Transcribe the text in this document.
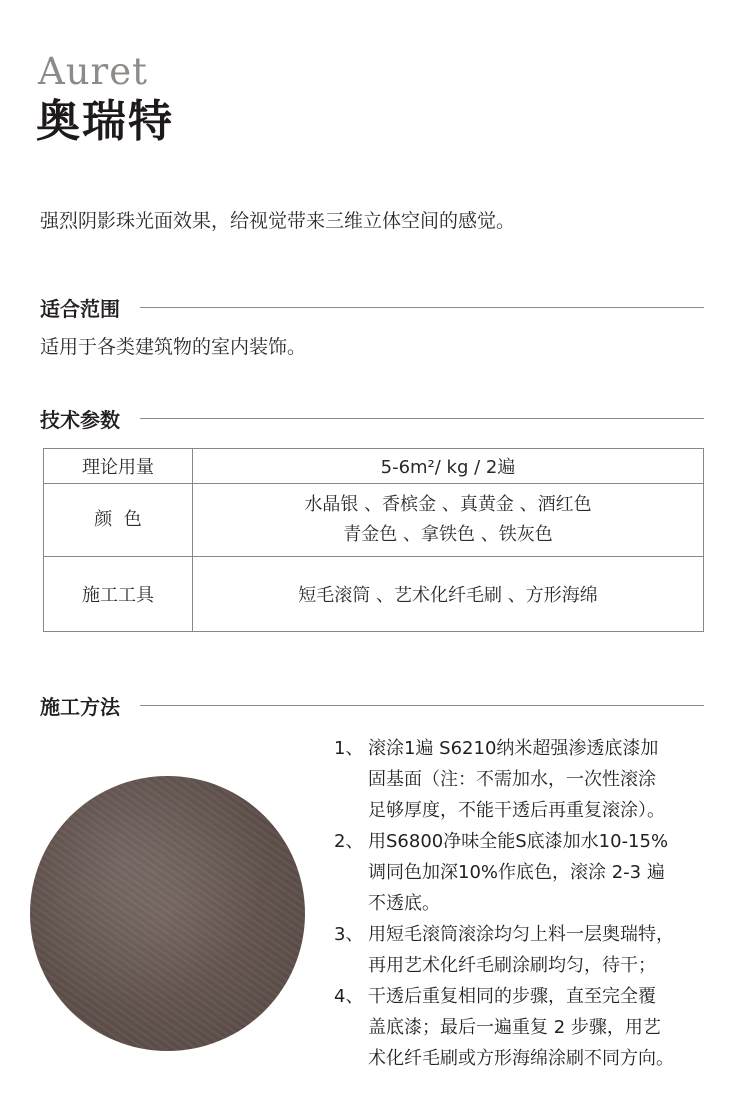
Auret
奥瑞特
强烈阴影珠光面效果，给视觉带来三维立体空间的感觉。
适合范围
适用于各类建筑物的室内装饰。
技术参数
理论用量	5-6m²/ kg / 2遍
颜  色	水晶银 、香槟金 、真黄金 、酒红色
青金色 、拿铁色 、铁灰色

施工工具	短毛滚筒 、艺术化纤毛刷 、方形海绵
施工方法
1、 滚涂1遍 S6210纳米超强渗透底漆加
固基面（注：不需加水，一次性滚涂
足够厚度，不能干透后再重复滚涂）。
2、 用S6800净味全能S底漆加水10-15%
调同色加深10%作底色，滚涂 2-3 遍
不透底。
3、 用短毛滚筒滚涂均匀上料一层奥瑞特，
再用艺术化纤毛刷涂刷均匀，待干；
4、 干透后重复相同的步骤，直至完全覆
盖底漆；最后一遍重复 2 步骤，用艺
术化纤毛刷或方形海绵涂刷不同方向。
